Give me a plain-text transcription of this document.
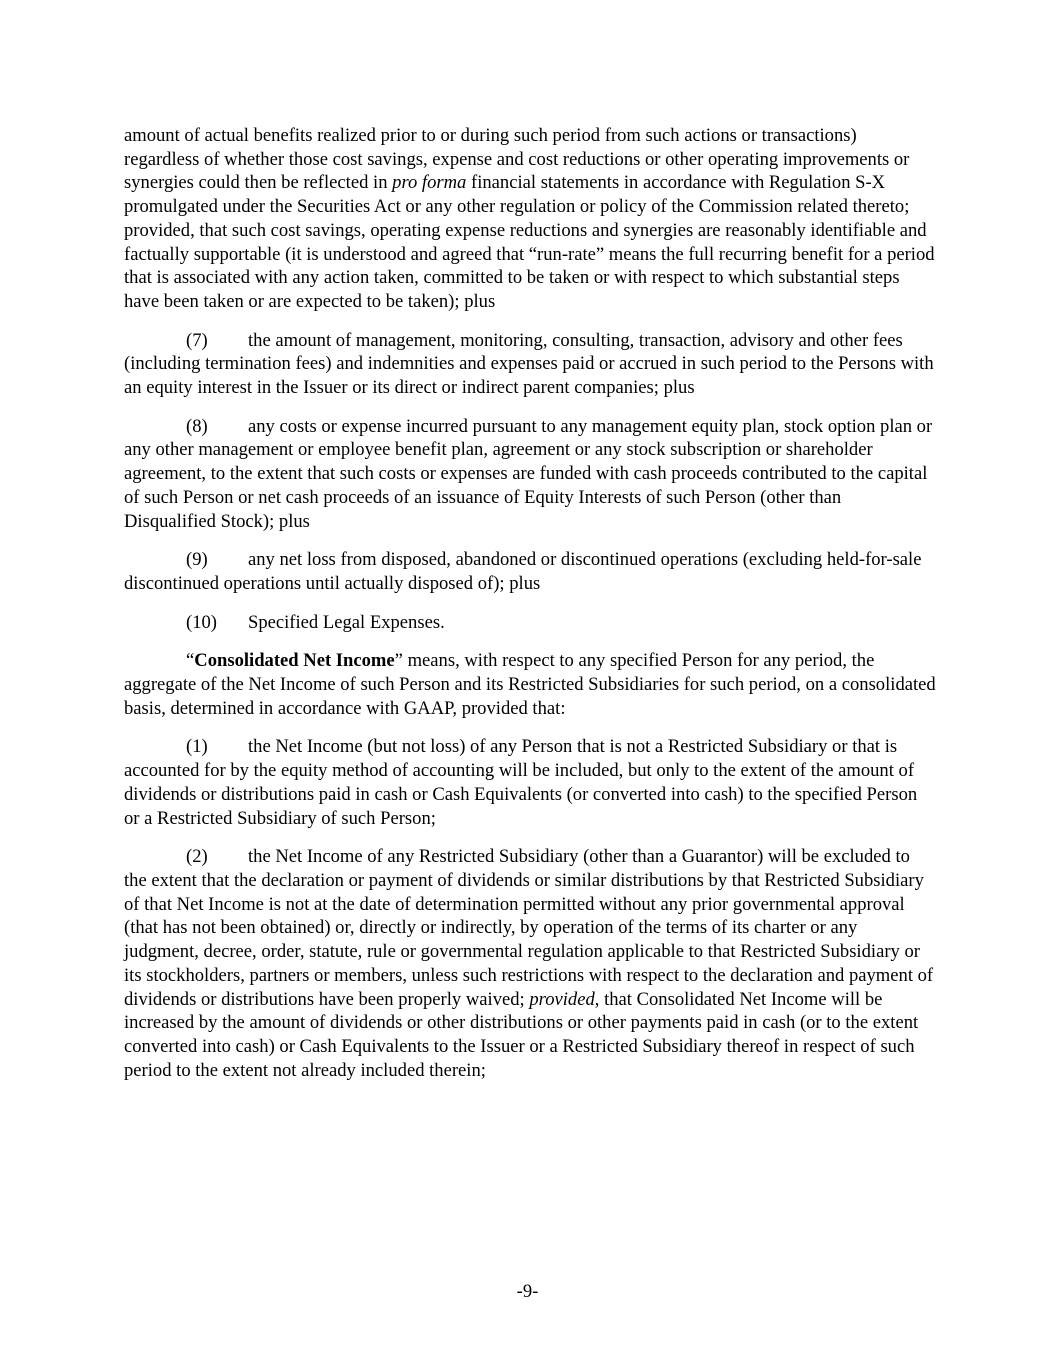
amount of actual benefits realized prior to or during such period from such actions or transactions) regardless of whether those cost savings, expense and cost reductions or other operating improvements or synergies could then be reflected in pro forma financial statements in accordance with Regulation S-X promulgated under the Securities Act or any other regulation or policy of the Commission related thereto; provided, that such cost savings, operating expense reductions and synergies are reasonably identifiable and factually supportable (it is understood and agreed that “run-rate” means the full recurring benefit for a period that is associated with any action taken, committed to be taken or with respect to which substantial steps have been taken or are expected to be taken); plus

(7) the amount of management, monitoring, consulting, transaction, advisory and other fees (including termination fees) and indemnities and expenses paid or accrued in such period to the Persons with an equity interest in the Issuer or its direct or indirect parent companies; plus

(8) any costs or expense incurred pursuant to any management equity plan, stock option plan or any other management or employee benefit plan, agreement or any stock subscription or shareholder agreement, to the extent that such costs or expenses are funded with cash proceeds contributed to the capital of such Person or net cash proceeds of an issuance of Equity Interests of such Person (other than Disqualified Stock); plus

(9) any net loss from disposed, abandoned or discontinued operations (excluding held-for-sale discontinued operations until actually disposed of); plus

(10) Specified Legal Expenses.

“Consolidated Net Income” means, with respect to any specified Person for any period, the aggregate of the Net Income of such Person and its Restricted Subsidiaries for such period, on a consolidated basis, determined in accordance with GAAP, provided that:

(1) the Net Income (but not loss) of any Person that is not a Restricted Subsidiary or that is accounted for by the equity method of accounting will be included, but only to the extent of the amount of dividends or distributions paid in cash or Cash Equivalents (or converted into cash) to the specified Person or a Restricted Subsidiary of such Person;

(2) the Net Income of any Restricted Subsidiary (other than a Guarantor) will be excluded to the extent that the declaration or payment of dividends or similar distributions by that Restricted Subsidiary of that Net Income is not at the date of determination permitted without any prior governmental approval (that has not been obtained) or, directly or indirectly, by operation of the terms of its charter or any judgment, decree, order, statute, rule or governmental regulation applicable to that Restricted Subsidiary or its stockholders, partners or members, unless such restrictions with respect to the declaration and payment of dividends or distributions have been properly waived; provided, that Consolidated Net Income will be increased by the amount of dividends or other distributions or other payments paid in cash (or to the extent converted into cash) or Cash Equivalents to the Issuer or a Restricted Subsidiary thereof in respect of such period to the extent not already included therein;

-9-
